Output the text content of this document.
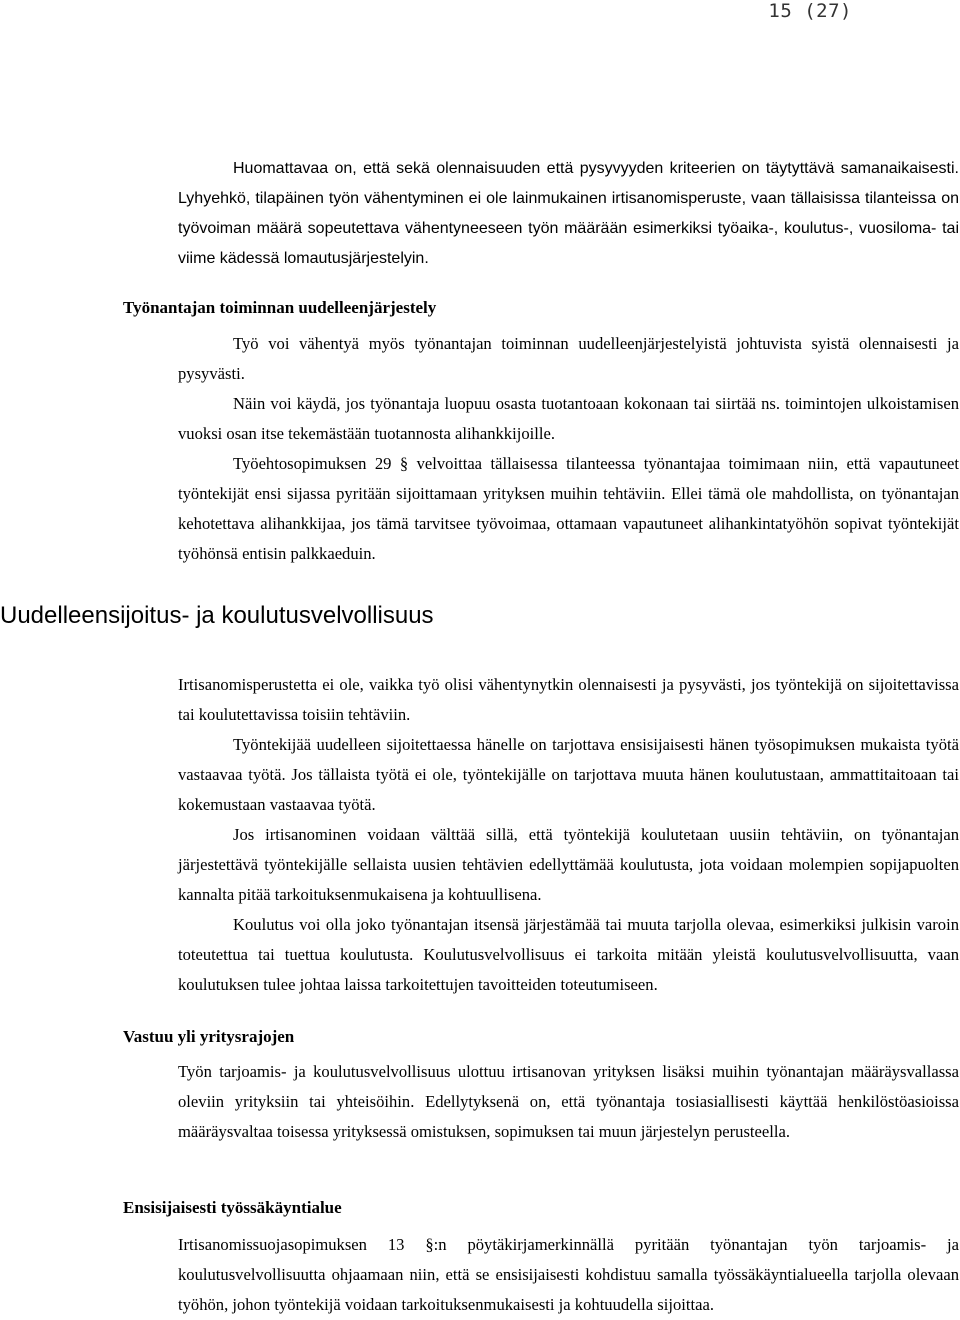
15 (27)

Huomattavaa on, että sekä olennaisuuden että pysyvyyden kriteerien on täytyttävä samanaikaisesti. Lyhyehkö, tilapäinen työn vähentyminen ei ole lainmukainen irtisanomisperuste, vaan tällaisissa tilanteissa on työvoiman määrä sopeutettava vähentyneeseen työn määrään esimerkiksi työaika-, koulutus-, vuosiloma- tai viime kädessä lomautusjärjestelyin.

Työnantajan toiminnan uudelleenjärjestely

Työ voi vähentyä myös työnantajan toiminnan uudelleenjärjestelyistä johtuvista syistä olennaisesti ja pysyvästi.

Näin voi käydä, jos työnantaja luopuu osasta tuotantoaan kokonaan tai siirtää ns. toimintojen ulkoistamisen vuoksi osan itse tekemästään tuotannosta alihankkijoille.

Työehtosopimuksen 29 § velvoittaa tällaisessa tilanteessa työnantajaa toimimaan niin, että vapautuneet työntekijät ensi sijassa pyritään sijoittamaan yrityksen muihin tehtäviin. Ellei tämä ole mahdollista, on työnantajan kehotettava alihankkijaa, jos tämä tarvitsee työvoimaa, ottamaan vapautuneet alihankintatyöhön sopivat työntekijät työhönsä entisin palkkaeduin.

Uudelleensijoitus- ja koulutusvelvollisuus

Irtisanomisperustetta ei ole, vaikka työ olisi vähentynytkin olennaisesti ja pysyvästi, jos työntekijä on sijoitettavissa tai koulutettavissa toisiin tehtäviin.

Työntekijää uudelleen sijoitettaessa hänelle on tarjottava ensisijaisesti hänen työsopimuksen mukaista työtä vastaavaa työtä. Jos tällaista työtä ei ole, työntekijälle on tarjottava muuta hänen koulutustaan, ammattitaitoaan tai kokemustaan vastaavaa työtä.

Jos irtisanominen voidaan välttää sillä, että työntekijä koulutetaan uusiin tehtäviin, on työnantajan järjestettävä työntekijälle sellaista uusien tehtävien edellyttämää koulutusta, jota voidaan molempien sopijapuolten kannalta pitää tarkoituksenmukaisena ja kohtuullisena.

Koulutus voi olla joko työnantajan itsensä järjestämää tai muuta tarjolla olevaa, esimerkiksi julkisin varoin toteutettua tai tuettua koulutusta. Koulutusvelvollisuus ei tarkoita mitään yleistä koulutusvelvollisuutta, vaan koulutuksen tulee johtaa laissa tarkoitettujen tavoitteiden toteutumiseen.

Vastuu yli yritysrajojen

Työn tarjoamis- ja koulutusvelvollisuus ulottuu irtisanovan yrityksen lisäksi muihin työnantajan määräysvallassa oleviin yrityksiin tai yhteisöihin. Edellytyksenä on, että työnantaja tosiasiallisesti käyttää henkilöstöasioissa määräysvaltaa toisessa yrityksessä omistuksen, sopimuksen tai muun järjestelyn perusteella.

Ensisijaisesti työssäkäyntialue

Irtisanomissuojasopimuksen 13 §:n pöytäkirjamerkinnällä pyritään työnantajan työn tarjoamis- ja koulutusvelvollisuutta ohjaamaan niin, että se ensisijaisesti kohdistuu samalla työssäkäyntialueella tarjolla olevaan työhön, johon työntekijä voidaan tarkoituksenmukaisesti ja kohtuudella sijoittaa.
